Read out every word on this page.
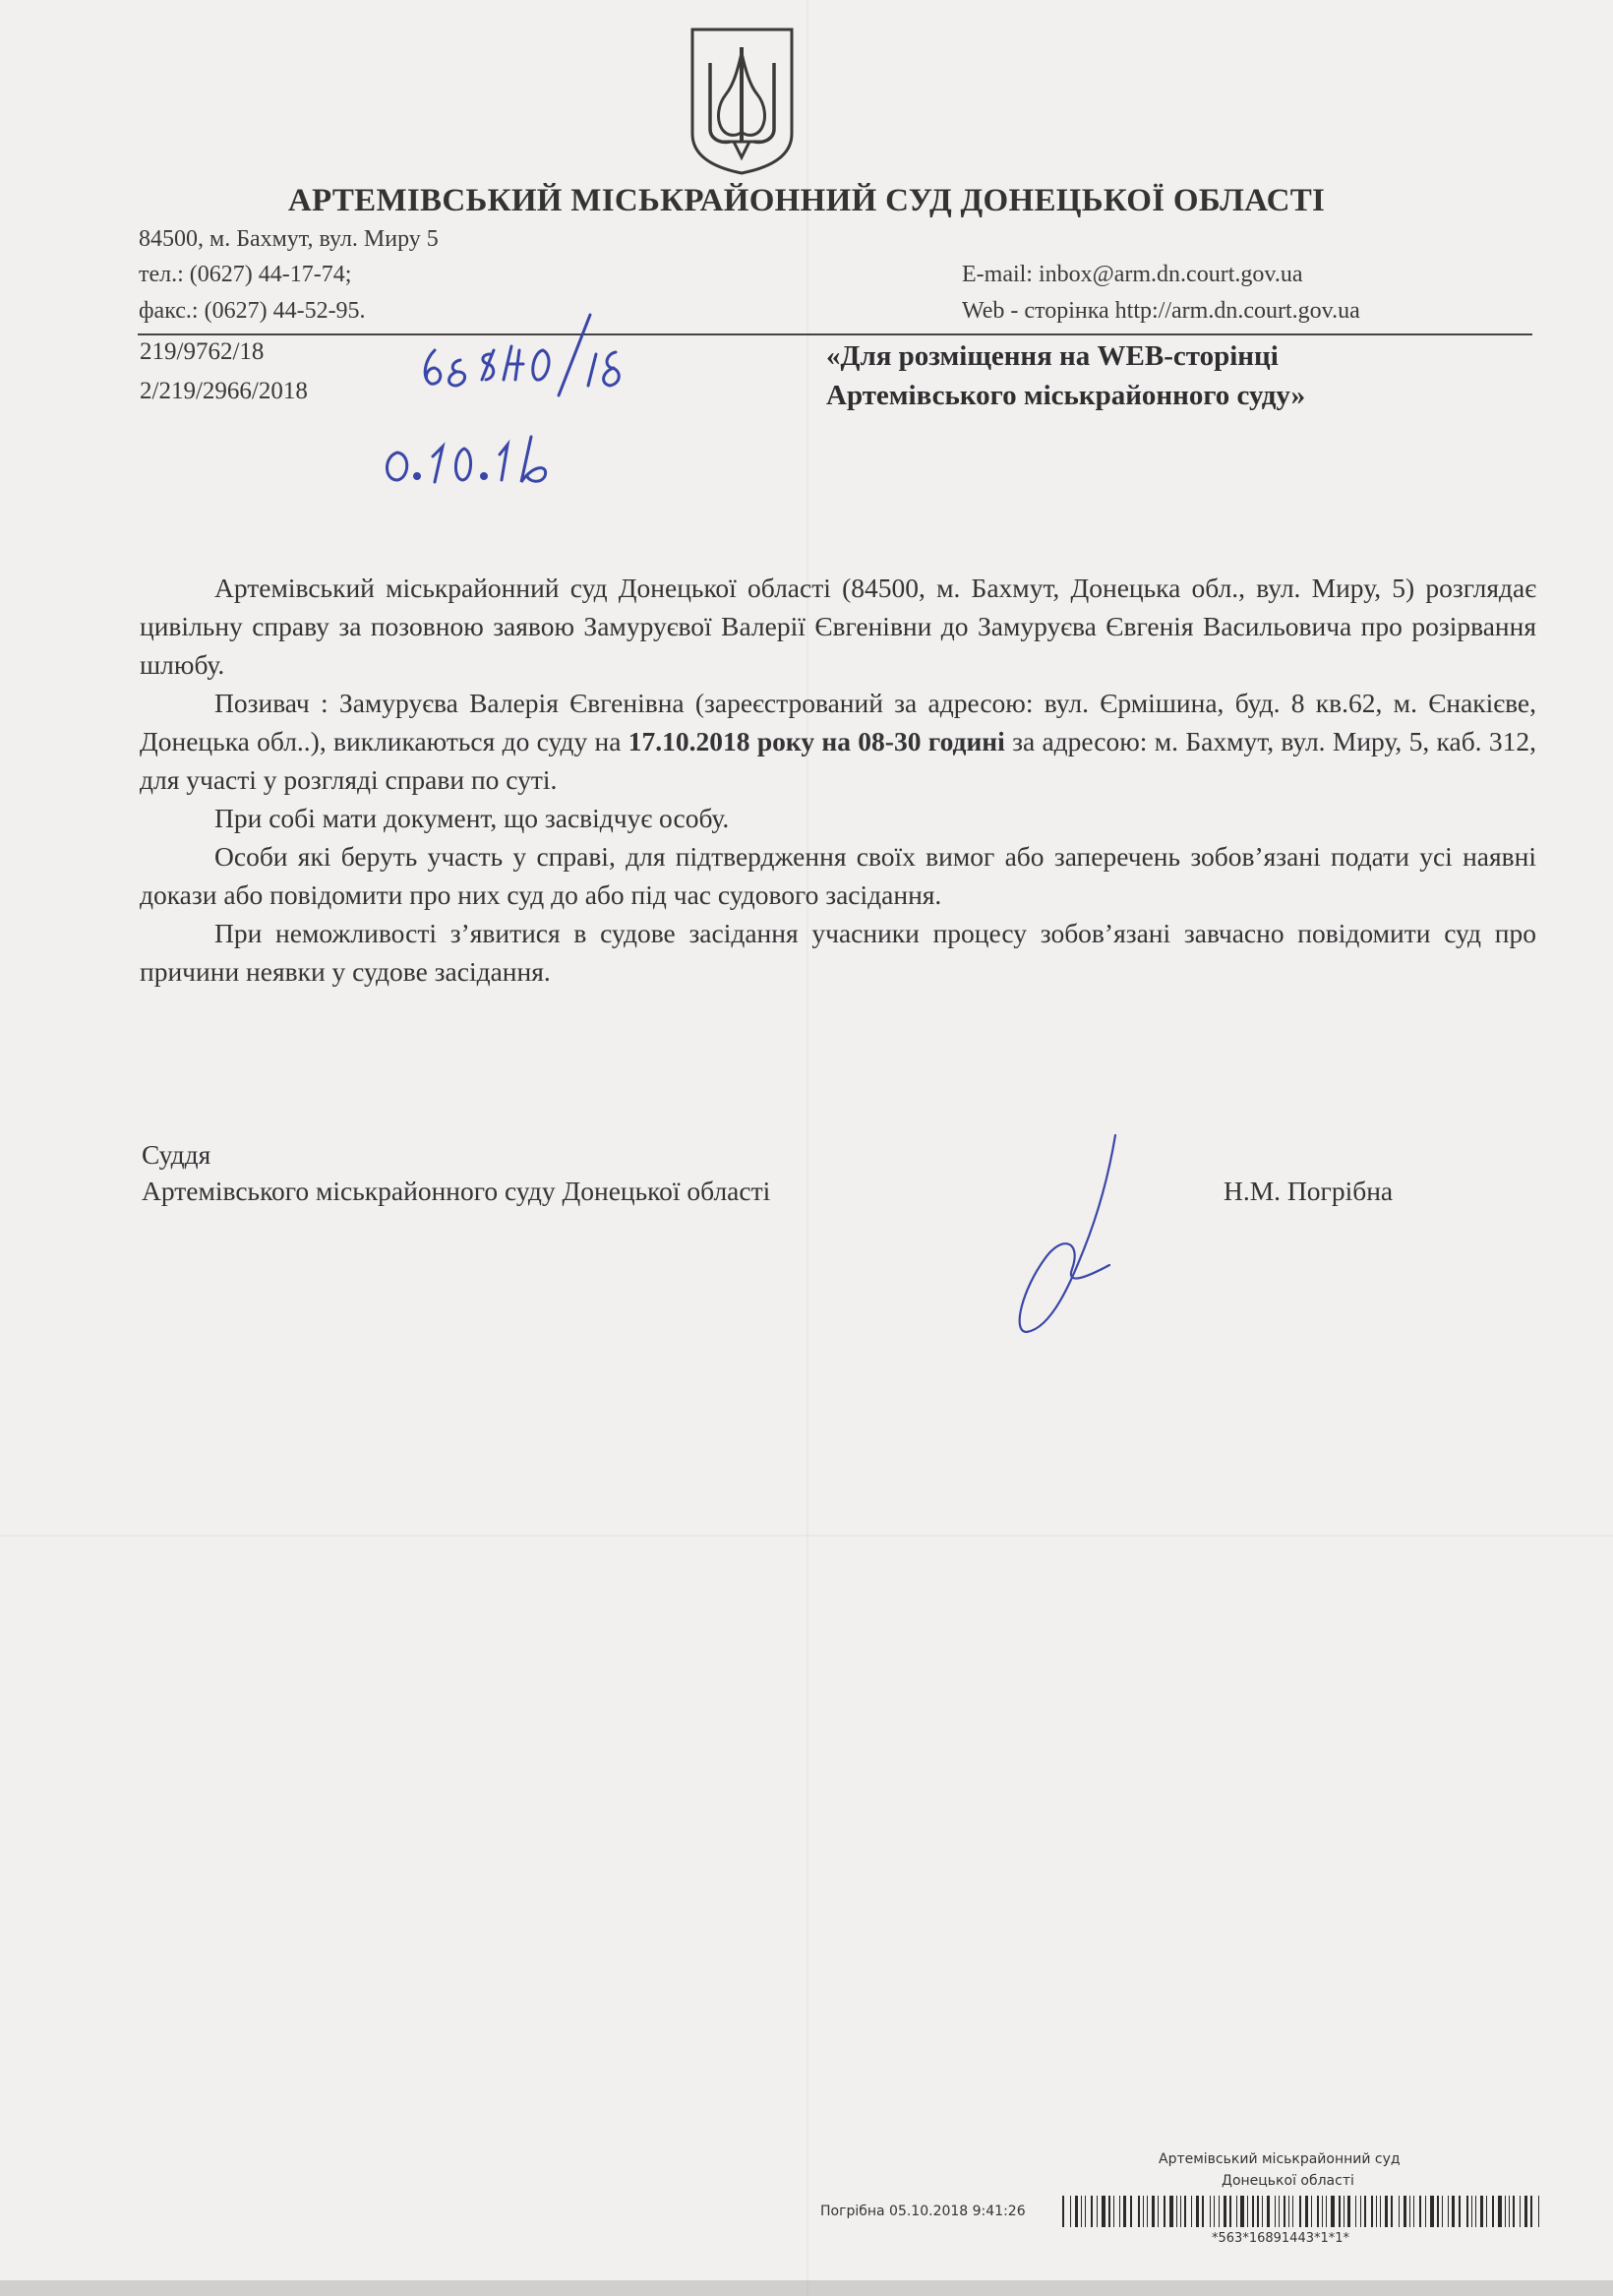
АРТЕМІВСЬКИЙ МІСЬКРАЙОННИЙ СУД ДОНЕЦЬКОЇ ОБЛАСТІ
84500, м. Бахмут, вул. Миру 5
тел.: (0627) 44-17-74;
факс.: (0627) 44-52-95.
E-mail: inbox@arm.dn.court.gov.ua
Web - сторінка http://arm.dn.court.gov.ua
219/9762/18
2/219/2966/2018
«Для розміщення на WEB-сторінці
Артемівського міськрайонного суду»

Артемівський міськрайонний суд Донецької області (84500, м. Бахмут, Донецька обл., вул. Миру, 5) розглядає цивільну справу за позовною заявою Замуруєвої Валерії Євгенівни до Замуруєва Євгенія Васильовича про розірвання шлюбу.

Позивач : Замуруєва Валерія Євгенівна (зареєстрований за адресою: вул. Єрмішина, буд. 8 кв.62, м. Єнакієве, Донецька обл..), викликаються до суду на 17.10.2018 року на 08-30 годині за адресою: м. Бахмут, вул. Миру, 5, каб. 312, для участі у розгляді справи по суті.

При собі мати документ, що засвідчує особу.

Особи які беруть участь у справі, для підтвердження своїх вимог або заперечень зобов’язані подати усі наявні докази або повідомити про них суд до або під час судового засідання.

При неможливості з’явитися в судове засідання учасники процесу зобов’язані завчасно повідомити суд про причини неявки у судове засідання.

Суддя
Артемівського міськрайонного суду Донецької області	Н.М. Погрібна
Артемівський міськрайонний суд
Донецької області
Погрібна 05.10.2018 9:41:26
*563*16891443*1*1*
